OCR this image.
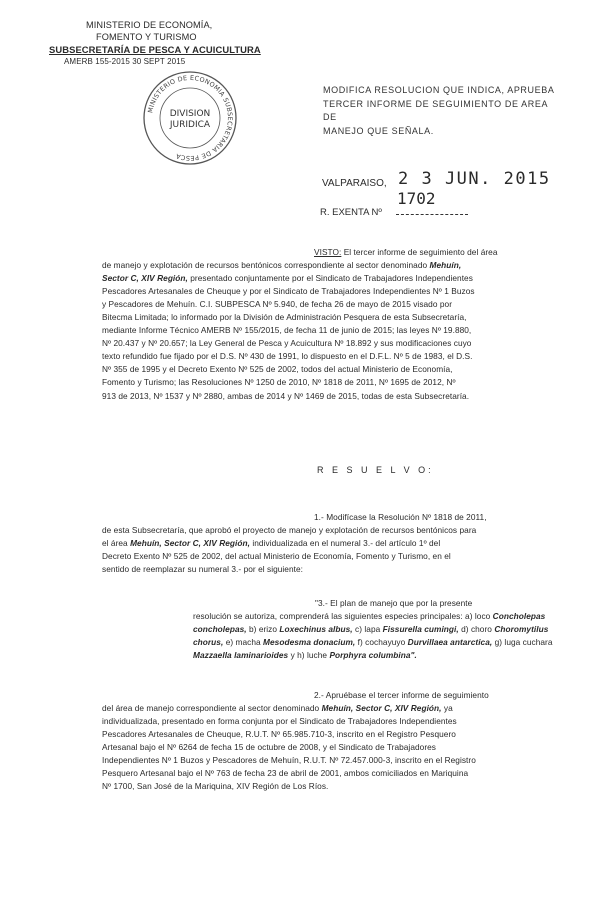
MINISTERIO DE ECONOMÍA,
FOMENTO Y TURISMO
SUBSECRETARÍA DE PESCA Y ACUICULTURA
AMERB 155-2015 30 SEPT 2015
MINISTERIO DE ECONOMIA SUBSECRETARIA DE PESCA
DIVISION
JURIDICA
MODIFICA RESOLUCION QUE INDICA, APRUEBA
TERCER INFORME DE SEGUIMIENTO DE AREA DE
MANEJO QUE SEÑALA.
VALPARAISO, 2 3 JUN. 2015
1702
R. EXENTA Nº
VISTO: El tercer informe de seguimiento del área
de manejo y explotación de recursos bentónicos correspondiente al sector denominado Mehuín,
Sector C, XIV Región, presentado conjuntamente por el Sindicato de Trabajadores Independientes
Pescadores Artesanales de Cheuque y por el Sindicato de Trabajadores Independientes Nº 1 Buzos
y Pescadores de Mehuín. C.I. SUBPESCA Nº 5.940, de fecha 26 de mayo de 2015 visado por
Bitecma Limitada; lo informado por la División de Administración Pesquera de esta Subsecretaría,
mediante Informe Técnico AMERB Nº 155/2015, de fecha 11 de junio de 2015; las leyes Nº 19.880,
Nº 20.437 y Nº 20.657; la Ley General de Pesca y Acuicultura Nº 18.892 y sus modificaciones cuyo
texto refundido fue fijado por el D.S. Nº 430 de 1991, lo dispuesto en el D.F.L. Nº 5 de 1983, el D.S.
Nº 355 de 1995 y el Decreto Exento Nº 525 de 2002, todos del actual Ministerio de Economía,
Fomento y Turismo; las Resoluciones Nº 1250 de 2010, Nº 1818 de 2011, Nº 1695 de 2012, Nº
913 de 2013, Nº 1537 y Nº 2880, ambas de 2014 y Nº 1469 de 2015, todas de esta Subsecretaría.
R E S U E L V O:
1.- Modifícase la Resolución Nº 1818 de 2011,
de esta Subsecretaría, que aprobó el proyecto de manejo y explotación de recursos bentónicos para
el área Mehuín, Sector C, XIV Región, individualizada en el numeral 3.- del artículo 1º del
Decreto Exento Nº 525 de 2002, del actual Ministerio de Economía, Fomento y Turismo, en el
sentido de reemplazar su numeral 3.- por el siguiente:
"3.- El plan de manejo que por la presente
resolución se autoriza, comprenderá las siguientes especies principales: a) loco Concholepas
concholepas, b) erizo Loxechinus albus, c) lapa Fissurella cumingi, d) choro Choromytilus
chorus, e) macha Mesodesma donacium, f) cochayuyo Durvillaea antarctica, g) luga cuchara
Mazzaella laminarioides y h) luche Porphyra columbina".
2.- Apruébase el tercer informe de seguimiento
del área de manejo correspondiente al sector denominado Mehuín, Sector C, XIV Región, ya
individualizada, presentado en forma conjunta por el Sindicato de Trabajadores Independientes
Pescadores Artesanales de Cheuque, R.U.T. Nº 65.985.710-3, inscrito en el Registro Pesquero
Artesanal bajo el Nº 6264 de fecha 15 de octubre de 2008, y el Sindicato de Trabajadores
Independientes Nº 1 Buzos y Pescadores de Mehuín, R.U.T. Nº 72.457.000-3, inscrito en el Registro
Pesquero Artesanal bajo el Nº 763 de fecha 23 de abril de 2001, ambos comiciliados en Mariquina
Nº 1700, San José de la Mariquina, XIV Región de Los Ríos.
